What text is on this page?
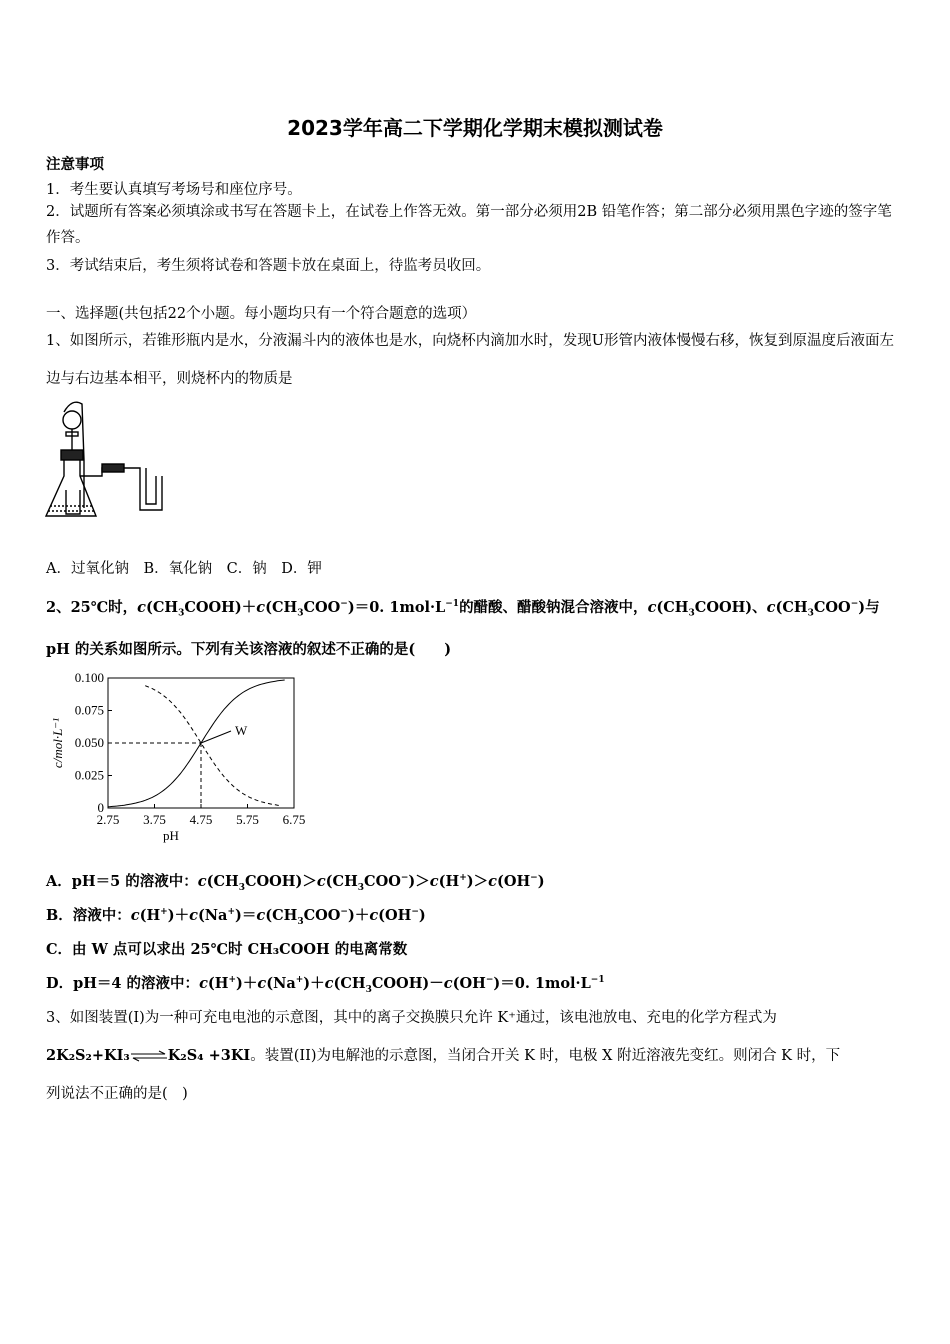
2023学年高二下学期化学期末模拟测试卷
注意事项
1．考生要认真填写考场号和座位序号。
2．试题所有答案必须填涂或书写在答题卡上，在试卷上作答无效。第一部分必须用2B 铅笔作答；第二部分必须用黑色字迹的签字笔作答。
3．考试结束后，考生须将试卷和答题卡放在桌面上，待监考员收回。
一、选择题(共包括22个小题。每小题均只有一个符合题意的选项）
1、如图所示，若锥形瓶内是水，分液漏斗内的液体也是水，向烧杯内滴加水时，发现U形管内液体慢慢右移，恢复到原温度后液面左边与右边基本相平，则烧杯内的物质是
A．过氧化钠　B．氧化钠　C．钠　D．钾
2、25℃时，$c(CH_3COOH)+c(CH_3COO^-)=0$. $1mol\cdot L^{-1}$的醋酸、醋酸钠混合溶液中，$c(CH_3COOH)$、$c(CH_3COO^-)$与 pH 的关系如图所示。下列有关该溶液的叙述不正确的是(　　)
0
0.025
0.050
0.075
0.100
2.75 3.75 4.75 5.75 6.75
W
pH
c/mol·L⁻¹
A．pH＝5 的溶液中：$c(CH_3COOH)>c(CH_3COO^-)>c(H^+)>c(OH^-)$
B．溶液中：$c(H^+)+c(Na^+)=c(CH_3COO^-)+c(OH^-)$
C．由 W 点可以求出 25℃时 CH₃COOH 的电离常数
D．pH＝4 的溶液中：$c(H^+)+c(Na^+)+c(CH_3COOH)-c(OH^-)=0$. $1mol\cdot L^{-1}$
3、如图装置(I)为一种可充电电池的示意图，其中的离子交换膜只允许 K⁺通过，该电池放电、充电的化学方程式为
2K₂S₂+KI₃⇌K₂S₄ +3KI。装置(II)为电解池的示意图，当闭合开关 K 时，电极 X 附近溶液先变红。则闭合 K 时，下
列说法不正确的是(　)
